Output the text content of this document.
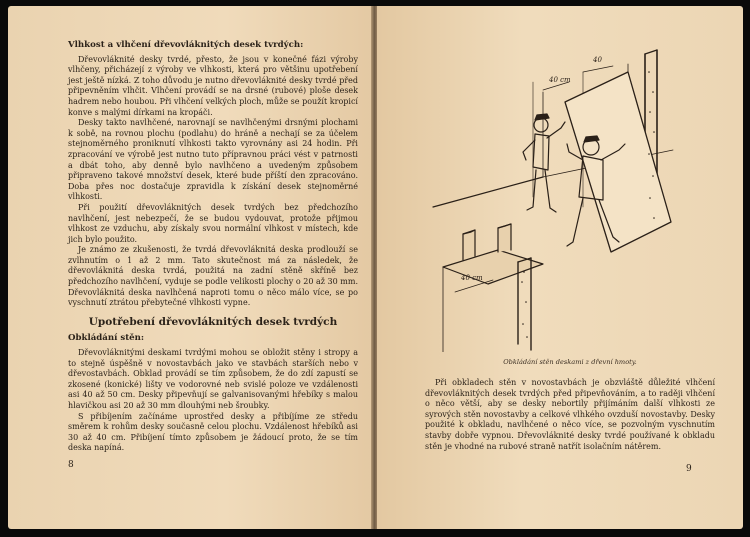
Vlhkost a vlhčení dřevovláknitých desek tvrdých:

Dřevovláknité desky tvrdé, přesto, že jsou v konečné fázi výroby vlhčeny, přicházejí z výroby ve vlhkosti, která pro většinu upotřebení jest ještě nízká. Z toho důvodu je nutno dřevovláknité desky tvrdé před připevněním vlhčit. Vlhčení provádí se na drsné (rubové) ploše desek hadrem nebo houbou. Při vlhčení velkých ploch, může se použít kropicí konve s malými dírkami na kropáči.

Desky takto navlhčené, narovnají se navlhčenými drsnými plochami k sobě, na rovnou plochu (podlahu) do hráně a nechají se za účelem stejnoměrného proniknutí vlhkosti takto vyrovnány asi 24 hodin. Při zpracování ve výrobě jest nutno tuto přípravnou práci vést v patrnosti a dbát toho, aby denně bylo navlhčeno a uvedeným způsobem připraveno takové množství desek, které bude příští den zpracováno. Doba přes noc dostačuje zpravidla k získání desek stejnoměrné vlhkosti.

Při použití dřevovláknitých desek tvrdých bez předchozího navlhčení, jest nebezpečí, že se budou vydouvat, protože přijmou vlhkost ze vzduchu, aby získaly svou normální vlhkost v místech, kde jich bylo použito.

Je známo ze zkušenosti, že tvrdá dřevovláknitá deska prodlouží se zvlhnutím o 1 až 2 mm. Tato skutečnost má za následek, že dřevovláknitá deska tvrdá, použitá na zadní stěně skříně bez předchozího navlhčení, vyduje se podle velikosti plochy o 20 až 30 mm. Dřevovláknitá deska navlhčená naproti tomu o něco málo více, se po vyschnutí ztrátou přebytečné vlhkosti vypne.

Upotřebení dřevovláknitých desek tvrdých

Obkládání stěn:

Dřevovláknitými deskami tvrdými mohou se obložit stěny i stropy a to stejně úspěšně v novostavbách jako ve stavbách starších nebo v dřevostavbách. Obklad provádí se tím způsobem, že do zdí zapustí se zkosené (konické) lišty ve vodorovné neb svislé poloze ve vzdálenosti asi 40 až 50 cm. Desky připevňují se galvanisovanými hřebíky s malou hlavičkou asi 20 až 30 mm dlouhými neb šroubky.

S přibíjením začínáme uprostřed desky a přibíjíme ze středu směrem k rohům desky současně celou plochu. Vzdálenost hřebíků asi 30 až 40 cm. Přibíjení tímto způsobem je žádoucí proto, že se tím deska napíná.

8
40 cm
40
40 cm
Obkládání stěn deskami z dřevní hmoty.

Při obkladech stěn v novostavbách je obzvláště důležité vlhčení dřevovláknitých desek tvrdých před připevňováním, a to raději vlhčení o něco větší, aby se desky nebortily přijímáním další vlhkosti ze syrových stěn novostavby a celkové vlhkého ovzduší novostavby. Desky použité k obkladu, navlhčené o něco více, se pozvolným vyschnutím stavby dobře vypnou. Dřevovláknité desky tvrdé používané k obkladu stěn je vhodné na rubové straně natřít isolačním nátěrem.

9
